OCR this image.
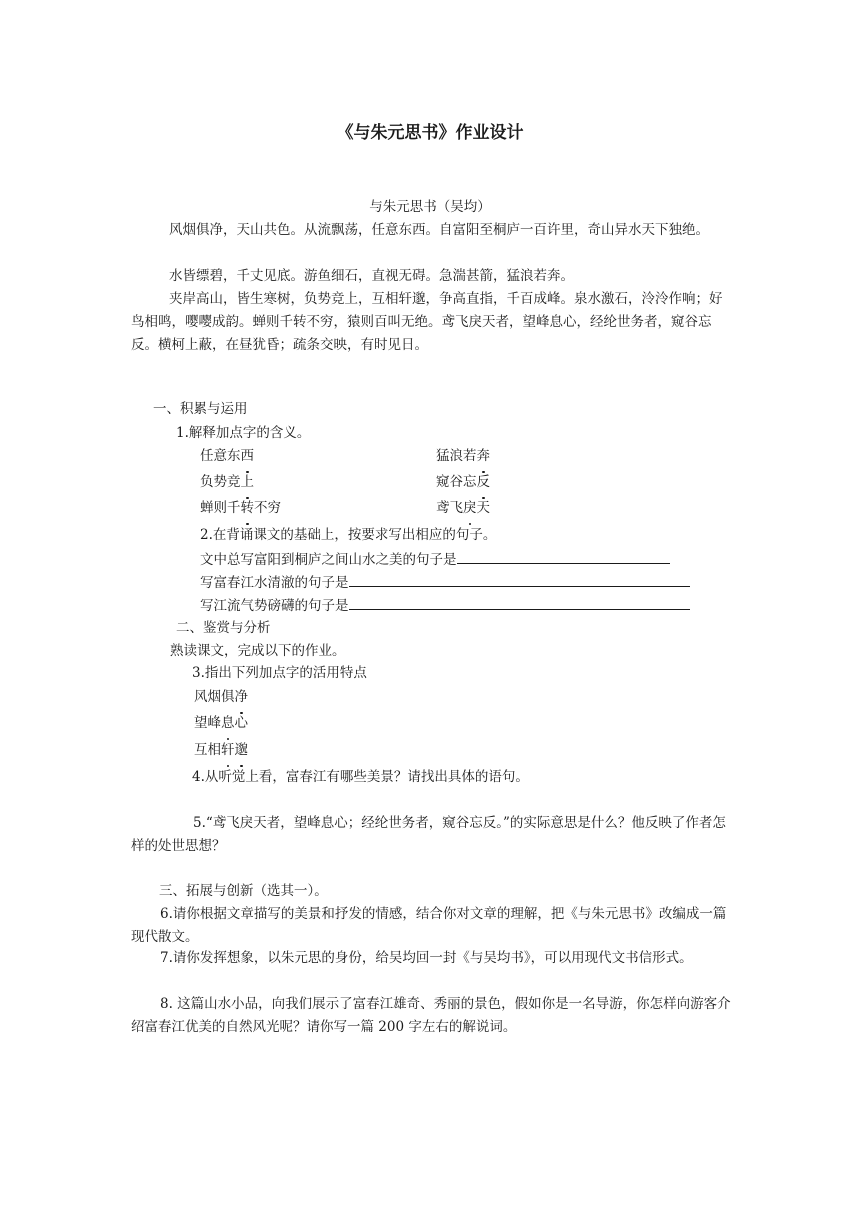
《与朱元思书》作业设计
与朱元思书（吴均）
风烟俱净，天山共色。从流飘荡，任意东西。自富阳至桐庐一百许里，奇山异水天下独绝。
水皆缥碧，千丈见底。游鱼细石，直视无碍。急湍甚箭，猛浪若奔。
夹岸高山，皆生寒树，负势竞上，互相轩邈，争高直指，千百成峰。泉水激石，泠泠作响；好鸟相鸣，嘤嘤成韵。蝉则千转不穷，猿则百叫无绝。鸢飞戾天者，望峰息心，经纶世务者，窥谷忘反。横柯上蔽，在昼犹昏；疏条交映，有时见日。
一、积累与运用
1.解释加点字的含义。
任意东西	猛浪若奔
负势竞上	窥谷忘反
蝉则千转不穷	鸢飞戾天
2.在背诵课文的基础上，按要求写出相应的句子。
文中总写富阳到桐庐之间山水之美的句子是
写富春江水清澈的句子是
写江流气势磅礴的句子是
二、鉴赏与分析
熟读课文，完成以下的作业。
3.指出下列加点字的活用特点
风烟俱净
望峰息心
互相轩邈
4.从听觉上看，富春江有哪些美景？请找出具体的语句。
5.“鸢飞戾天者，望峰息心；经纶世务者，窥谷忘反。”的实际意思是什么？他反映了作者怎样的处世思想？
三、拓展与创新（选其一）。
6.请你根据文章描写的美景和抒发的情感，结合你对文章的理解，把《与朱元思书》改编成一篇现代散文。
7.请你发挥想象，以朱元思的身份，给吴均回一封《与吴均书》，可以用现代文书信形式。
8. 这篇山水小品，向我们展示了富春江雄奇、秀丽的景色，假如你是一名导游，你怎样向游客介绍富春江优美的自然风光呢？请你写一篇 200 字左右的解说词。
